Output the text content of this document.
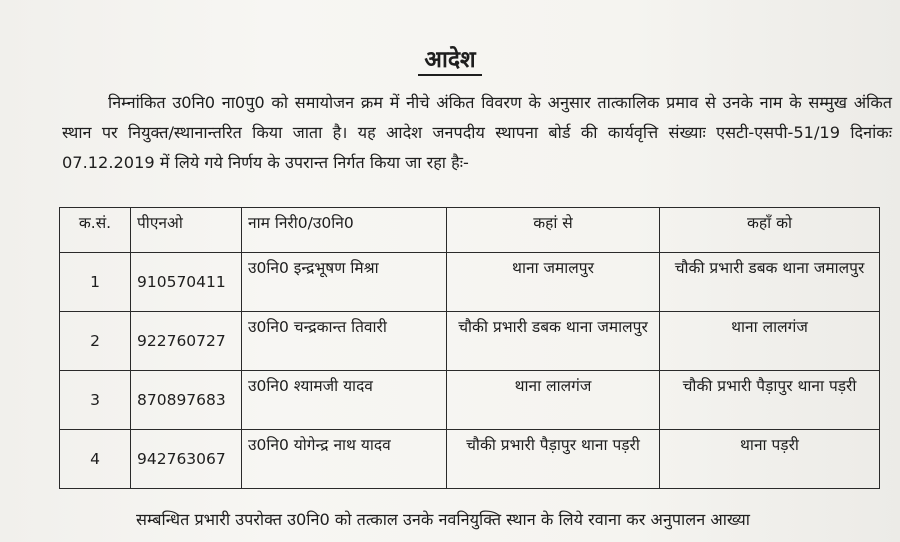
आदेश

निम्नांकित उ0नि0 ना0पु0 को समायोजन क्रम में नीचे अंकित विवरण के अनुसार तात्कालिक प्रमाव से उनके नाम के सम्मुख अंकित स्थान पर नियुक्त/स्थानान्तरित किया जाता है। यह आदेश जनपदीय स्थापना बोर्ड की कार्यवृत्ति संख्याः एसटी-एसपी-51/19 दिनांकः 07.12.2019 में लिये गये निर्णय के उपरान्त निर्गत किया जा रहा हैः-

क.सं.	पीएनओ	नाम निरी0/उ0नि0	कहां से	कहाँ को
1	910570411	उ0नि0 इन्द्रभूषण मिश्रा	थाना जमालपुर	चौकी प्रभारी डबक थाना जमालपुर
2	922760727	उ0नि0 चन्द्रकान्त तिवारी	चौकी प्रभारी डबक थाना जमालपुर	थाना लालगंज
3	870897683	उ0नि0 श्यामजी यादव	थाना लालगंज	चौकी प्रभारी पैड़ापुर थाना पड़री
4	942763067	उ0नि0 योगेन्द्र नाथ यादव	चौकी प्रभारी पैड़ापुर थाना पड़री	थाना पड़री

सम्बन्धित प्रभारी उपरोक्त उ0नि0 को तत्काल उनके नवनियुक्ति स्थान के लिये रवाना कर अनुपालन आख्या
